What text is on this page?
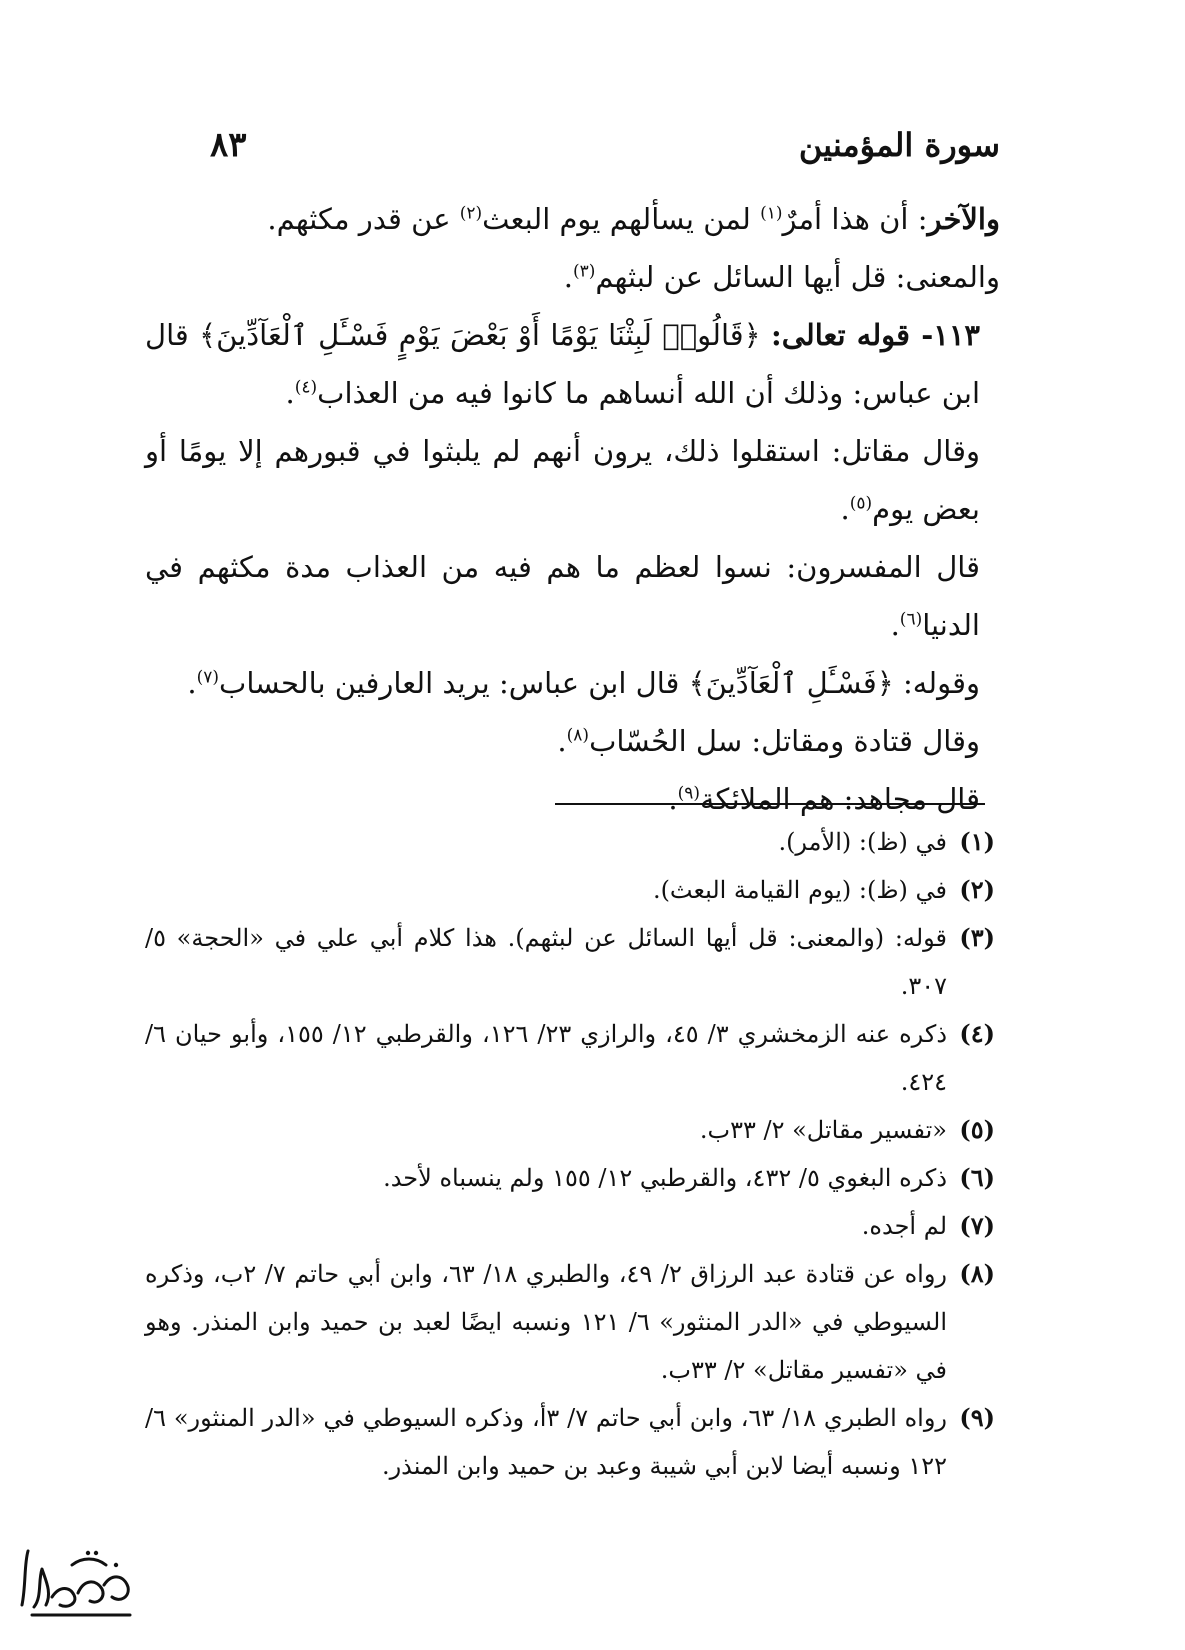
سورة المؤمنين
٨٣

والآخر: أن هذا أمرٌ$^{(١)}$ لمن يسألهم يوم البعث$^{(٢)}$ عن قدر مكثهم.

والمعنى: قل أيها السائل عن لبثهم$^{(٣)}$.

١١٣- قوله تعالى: ﴿قَالُوا۟ لَبِثْنَا يَوْمًا أَوْ بَعْضَ يَوْمٍ فَسْـَٔلِ ٱلْعَآدِّينَ﴾ قال ابن عباس: وذلك أن الله أنساهم ما كانوا فيه من العذاب$^{(٤)}$.

وقال مقاتل: استقلوا ذلك، يرون أنهم لم يلبثوا في قبورهم إلا يومًا أو بعض يوم$^{(٥)}$.

قال المفسرون: نسوا لعظم ما هم فيه من العذاب مدة مكثهم في الدنيا$^{(٦)}$.

وقوله: ﴿فَسْـَٔلِ ٱلْعَآدِّينَ﴾ قال ابن عباس: يريد العارفين بالحساب$^{(٧)}$.

وقال قتادة ومقاتل: سل الحُسّاب$^{(٨)}$.

قال مجاهد: هم الملائكة$^{(٩)}$.

(١)
في (ظ): (الأمر).
(٢)
في (ظ): (يوم القيامة البعث).
(٣)
قوله: (والمعنى: قل أيها السائل عن لبثهم). هذا كلام أبي علي في «الحجة» ٥/ ٣٠٧.
(٤)
ذكره عنه الزمخشري ٣/ ٤٥، والرازي ٢٣/ ١٢٦، والقرطبي ١٢/ ١٥٥، وأبو حيان ٦/ ٤٢٤.
(٥)
«تفسير مقاتل» ٢/ ٣٣ب.
(٦)
ذكره البغوي ٥/ ٤٣٢، والقرطبي ١٢/ ١٥٥ ولم ينسباه لأحد.
(٧)
لم أجده.
(٨)
رواه عن قتادة عبد الرزاق ٢/ ٤٩، والطبري ١٨/ ٦٣، وابن أبي حاتم ٧/ ٢ب، وذكره السيوطي في «الدر المنثور» ٦/ ١٢١ ونسبه ايضًا لعبد بن حميد وابن المنذر. وهو في «تفسير مقاتل» ٢/ ٣٣ب.
(٩)
رواه الطبري ١٨/ ٦٣، وابن أبي حاتم ٧/ ٣أ، وذكره السيوطي في «الدر المنثور» ٦/ ١٢٢ ونسبه أيضا لابن أبي شيبة وعبد بن حميد وابن المنذر.
